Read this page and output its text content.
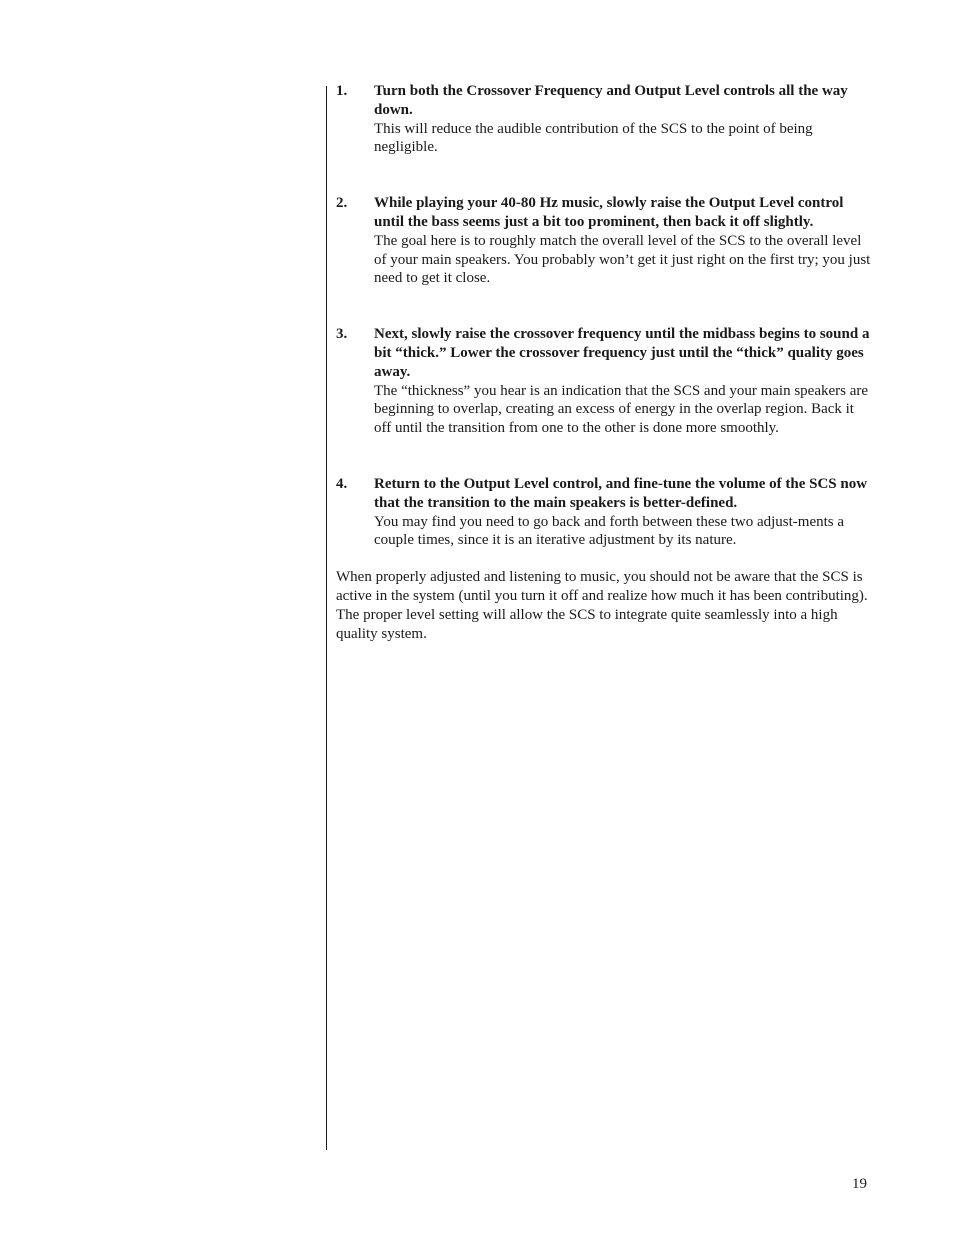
1. Turn both the Crossover Frequency and Output Level controls all the way down.
This will reduce the audible contribution of the SCS to the point of being negligible.
2. While playing your 40-80 Hz music, slowly raise the Output Level control until the bass seems just a bit too prominent, then back it off slightly.
The goal here is to roughly match the overall level of the SCS to the overall level of your main speakers. You probably won’t get it just right on the first try; you just need to get it close.
3. Next, slowly raise the crossover frequency until the midbass begins to sound a bit “thick.” Lower the crossover frequency just until the “thick” quality goes away.
The “thickness” you hear is an indication that the SCS and your main speakers are beginning to overlap, creating an excess of energy in the overlap region. Back it off until the transition from one to the other is done more smoothly.
4. Return to the Output Level control, and fine-tune the volume of the SCS now that the transition to the main speakers is better-defined.
You may find you need to go back and forth between these two adjust-ments a couple times, since it is an iterative adjustment by its nature.

When properly adjusted and listening to music, you should not be aware that the SCS is active in the system (until you turn it off and realize how much it has been contributing). The proper level setting will allow the SCS to integrate quite seamlessly into a high quality system.

19
